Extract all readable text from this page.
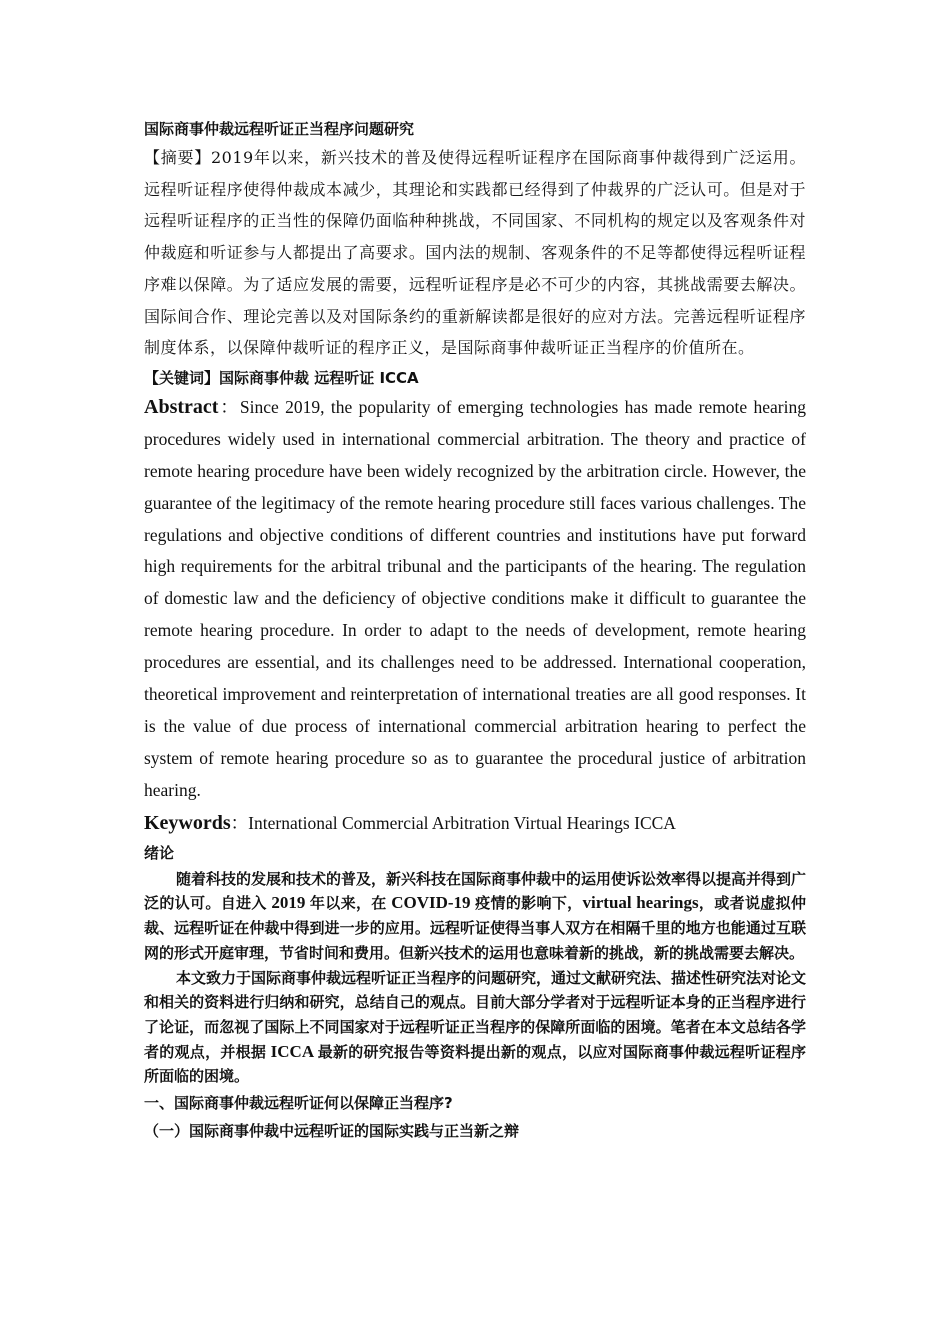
国际商事仲裁远程听证正当程序问题研究

【摘要】2019年以来，新兴技术的普及使得远程听证程序在国际商事仲裁得到广泛运用。远程听证程序使得仲裁成本减少，其理论和实践都已经得到了仲裁界的广泛认可。但是对于远程听证程序的正当性的保障仍面临种种挑战，不同国家、不同机构的规定以及客观条件对仲裁庭和听证参与人都提出了高要求。国内法的规制、客观条件的不足等都使得远程听证程序难以保障。为了适应发展的需要，远程听证程序是必不可少的内容，其挑战需要去解决。国际间合作、理论完善以及对国际条约的重新解读都是很好的应对方法。完善远程听证程序制度体系，以保障仲裁听证的程序正义，是国际商事仲裁听证正当程序的价值所在。

【关键词】国际商事仲裁 远程听证 ICCA

Abstract：Since 2019, the popularity of emerging technologies has made remote hearing procedures widely used in international commercial arbitration. The theory and practice of remote hearing procedure have been widely recognized by the arbitration circle. However, the guarantee of the legitimacy of the remote hearing procedure still faces various challenges. The regulations and objective conditions of different countries and institutions have put forward high requirements for the arbitral tribunal and the participants of the hearing. The regulation of domestic law and the deficiency of objective conditions make it difficult to guarantee the remote hearing procedure. In order to adapt to the needs of development, remote hearing procedures are essential, and its challenges need to be addressed. International cooperation, theoretical improvement and reinterpretation of international treaties are all good responses. It is the value of due process of international commercial arbitration hearing to perfect the system of remote hearing procedure so as to guarantee the procedural justice of arbitration hearing.

Keywords：International Commercial Arbitration Virtual Hearings ICCA

绪论

随着科技的发展和技术的普及，新兴科技在国际商事仲裁中的运用使诉讼效率得以提高并得到广泛的认可。自进入 2019 年以来，在 COVID-19 疫情的影响下，virtual hearings，或者说虚拟仲裁、远程听证在仲裁中得到进一步的应用。远程听证使得当事人双方在相隔千里的地方也能通过互联网的形式开庭审理，节省时间和费用。但新兴技术的运用也意味着新的挑战，新的挑战需要去解决。

本文致力于国际商事仲裁远程听证正当程序的问题研究，通过文献研究法、描述性研究法对论文和相关的资料进行归纳和研究，总结自己的观点。目前大部分学者对于远程听证本身的正当程序进行了论证，而忽视了国际上不同国家对于远程听证正当程序的保障所面临的困境。笔者在本文总结各学者的观点，并根据 ICCA 最新的研究报告等资料提出新的观点，以应对国际商事仲裁远程听证程序所面临的困境。

一、国际商事仲裁远程听证何以保障正当程序?

（一）国际商事仲裁中远程听证的国际实践与正当新之辩
